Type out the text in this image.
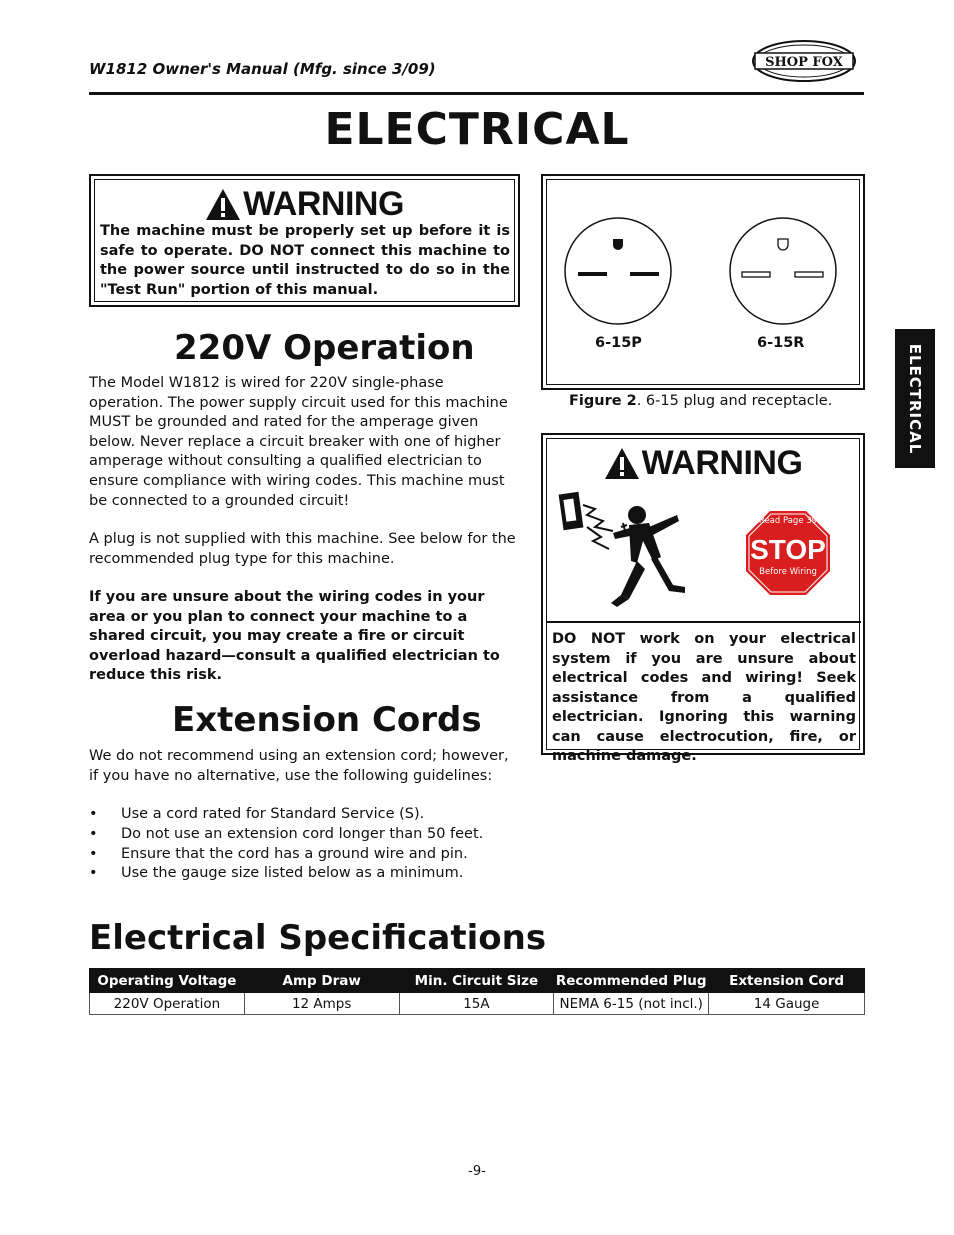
W1812 Owner's Manual (Mfg. since 3/09)	SHOP FOX
ELECTRICAL
ELECTRICAL
WARNING
The machine must be properly set up before it is safe to operate. DO NOT connect this machine to the power source until instructed to do so in the "Test Run" portion of this manual.
220V Operation
The Model W1812 is wired for 220V single-phase operation. The power supply circuit used for this machine MUST be grounded and rated for the amperage given below. Never replace a circuit breaker with one of higher amperage without consulting a qualified electrician to ensure compliance with wiring codes. This machine must be connected to a grounded circuit!
A plug is not supplied with this machine. See below for the recommended plug type for this machine.
If you are unsure about the wiring codes in your area or you plan to connect your machine to a shared circuit, you may create a fire or circuit overload hazard—consult a qualified electrician to reduce this risk.
6-15P	6-15R
Figure 2. 6-15 plug and receptacle.
WARNING
Read Page 39
STOP
Before Wiring
DO NOT work on your electrical system if you are unsure about electrical codes and wiring! Seek assistance from a qualified electrician. Ignoring this warning can cause electrocution, fire, or machine damage.
Extension Cords
We do not recommend using an extension cord; however, if you have no alternative, use the following guidelines:
• Use a cord rated for Standard Service (S).
• Do not use an extension cord longer than 50 feet.
• Ensure that the cord has a ground wire and pin.
• Use the gauge size listed below as a minimum.
Electrical Specifications
Operating Voltage	Amp Draw	Min. Circuit Size	Recommended Plug	Extension Cord
220V Operation	12 Amps	15A	NEMA 6-15 (not incl.)	14 Gauge
-9-
